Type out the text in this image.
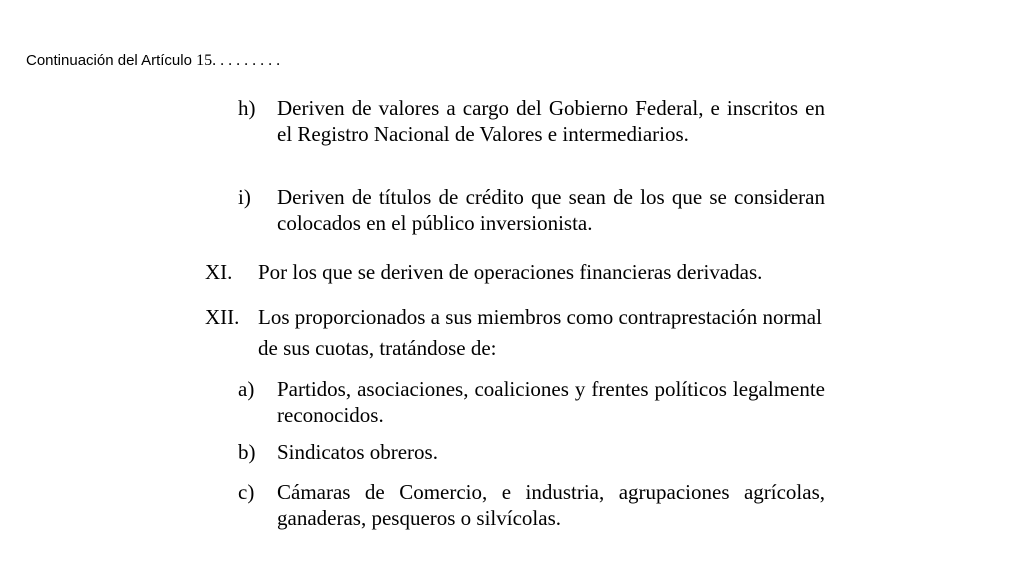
Continuación del Artículo 15. . . . . . . . .
h) Deriven de valores a cargo del Gobierno Federal, e inscritos en el Registro Nacional de Valores e intermediarios.
i) Deriven de títulos de crédito que sean de los que se consideran colocados en el público inversionista.
XI. Por los que se deriven de operaciones financieras derivadas.
XII. Los proporcionados a sus miembros como contraprestación normal de sus cuotas, tratándose de:
a) Partidos, asociaciones, coaliciones y frentes políticos legalmente reconocidos.
b) Sindicatos obreros.
c) Cámaras de Comercio, e industria, agrupaciones agrícolas, ganaderas, pesqueros o silvícolas.
